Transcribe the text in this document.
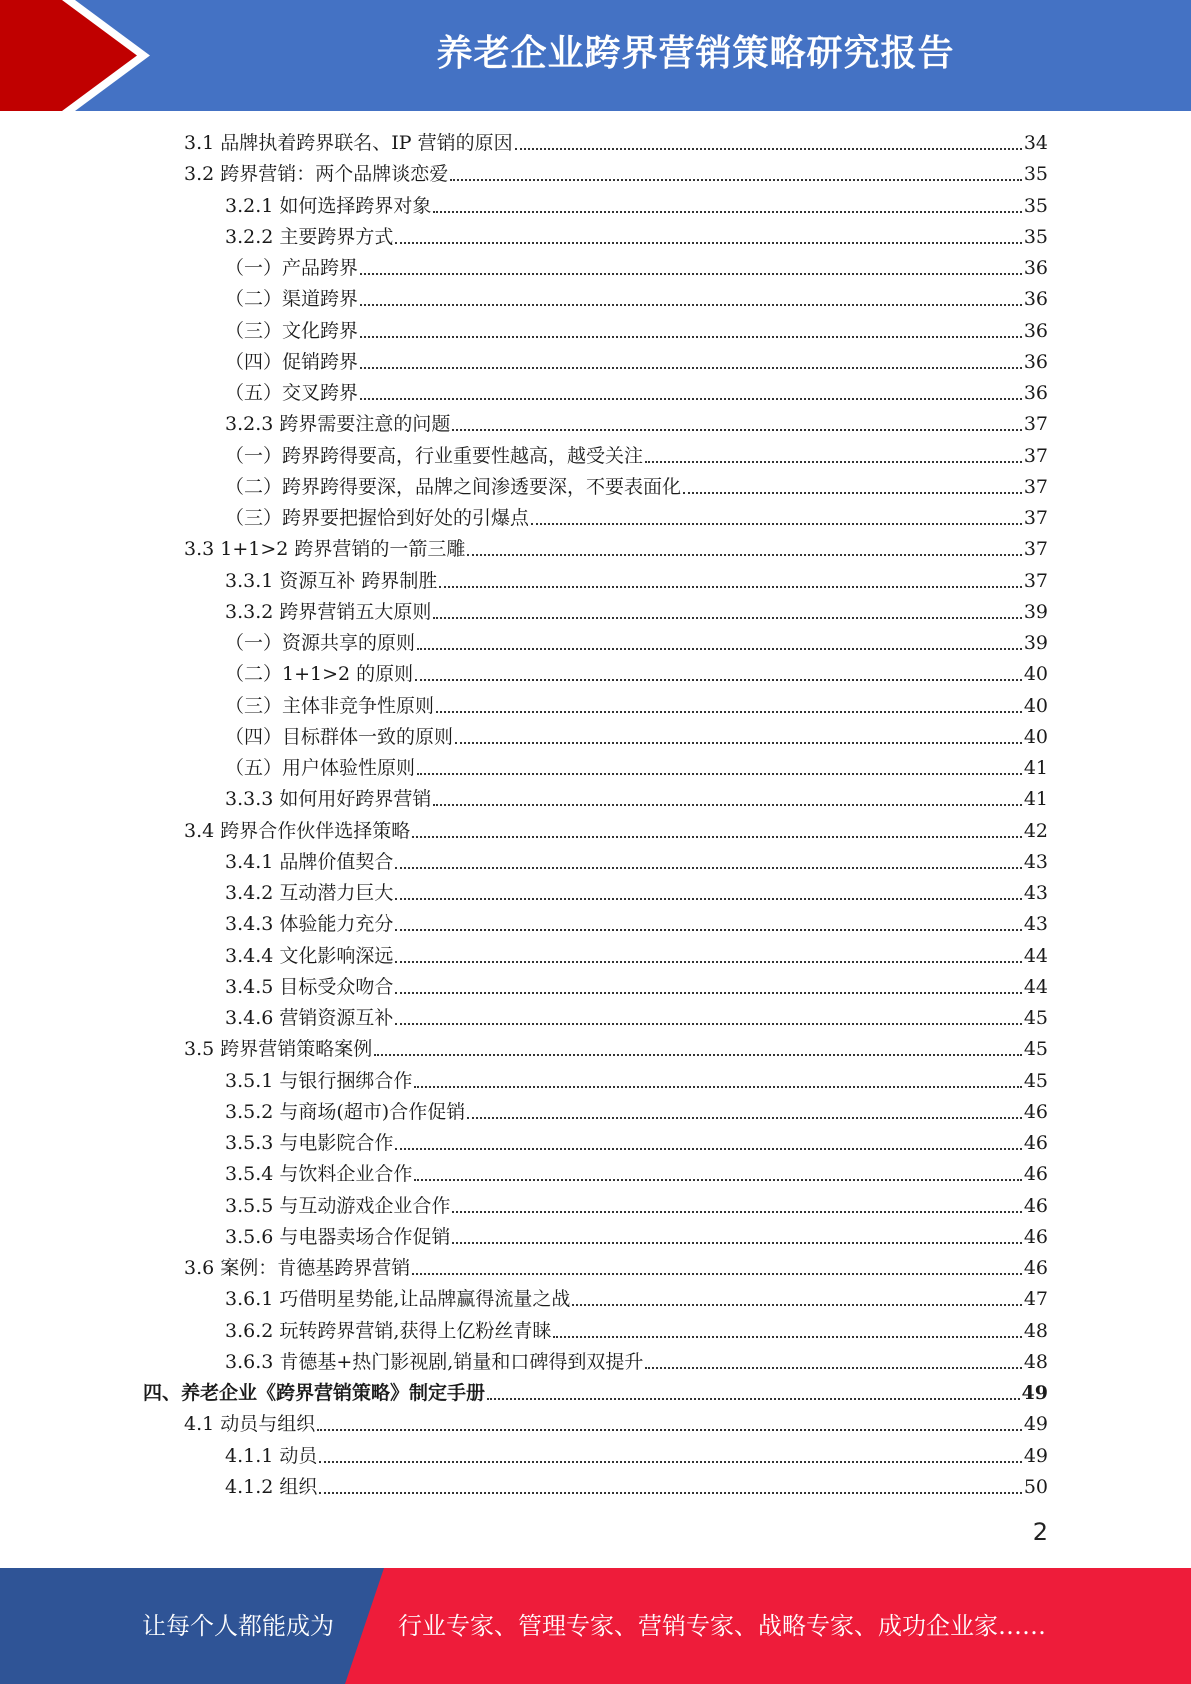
养老企业跨界营销策略研究报告
3.1 品牌执着跨界联名、IP 营销的原因	34
3.2 跨界营销：两个品牌谈恋爱	35
3.2.1 如何选择跨界对象	35
3.2.2 主要跨界方式	35
（一）产品跨界	36
（二）渠道跨界	36
（三）文化跨界	36
（四）促销跨界	36
（五）交叉跨界	36
3.2.3 跨界需要注意的问题	37
（一）跨界跨得要高，行业重要性越高，越受关注	37
（二）跨界跨得要深，品牌之间渗透要深，不要表面化	37
（三）跨界要把握恰到好处的引爆点	37
3.3 1+1>2 跨界营销的一箭三雕	37
3.3.1 资源互补 跨界制胜	37
3.3.2 跨界营销五大原则	39
（一）资源共享的原则	39
（二）1+1>2 的原则	40
（三）主体非竞争性原则	40
（四）目标群体一致的原则	40
（五）用户体验性原则	41
3.3.3 如何用好跨界营销	41
3.4 跨界合作伙伴选择策略	42
3.4.1 品牌价值契合	43
3.4.2 互动潜力巨大	43
3.4.3 体验能力充分	43
3.4.4 文化影响深远	44
3.4.5 目标受众吻合	44
3.4.6 营销资源互补	45
3.5 跨界营销策略案例	45
3.5.1 与银行捆绑合作	45
3.5.2 与商场(超市)合作促销	46
3.5.3 与电影院合作	46
3.5.4 与饮料企业合作	46
3.5.5 与互动游戏企业合作	46
3.5.6 与电器卖场合作促销	46
3.6 案例：肯德基跨界营销	46
3.6.1 巧借明星势能,让品牌赢得流量之战	47
3.6.2 玩转跨界营销,获得上亿粉丝青睐	48
3.6.3 肯德基+热门影视剧,销量和口碑得到双提升	48
四、养老企业《跨界营销策略》制定手册	49
4.1 动员与组织	49
4.1.1 动员	49
4.1.2 组织	50
2
让每个人都能成为	行业专家、管理专家、营销专家、战略专家、成功企业家……
